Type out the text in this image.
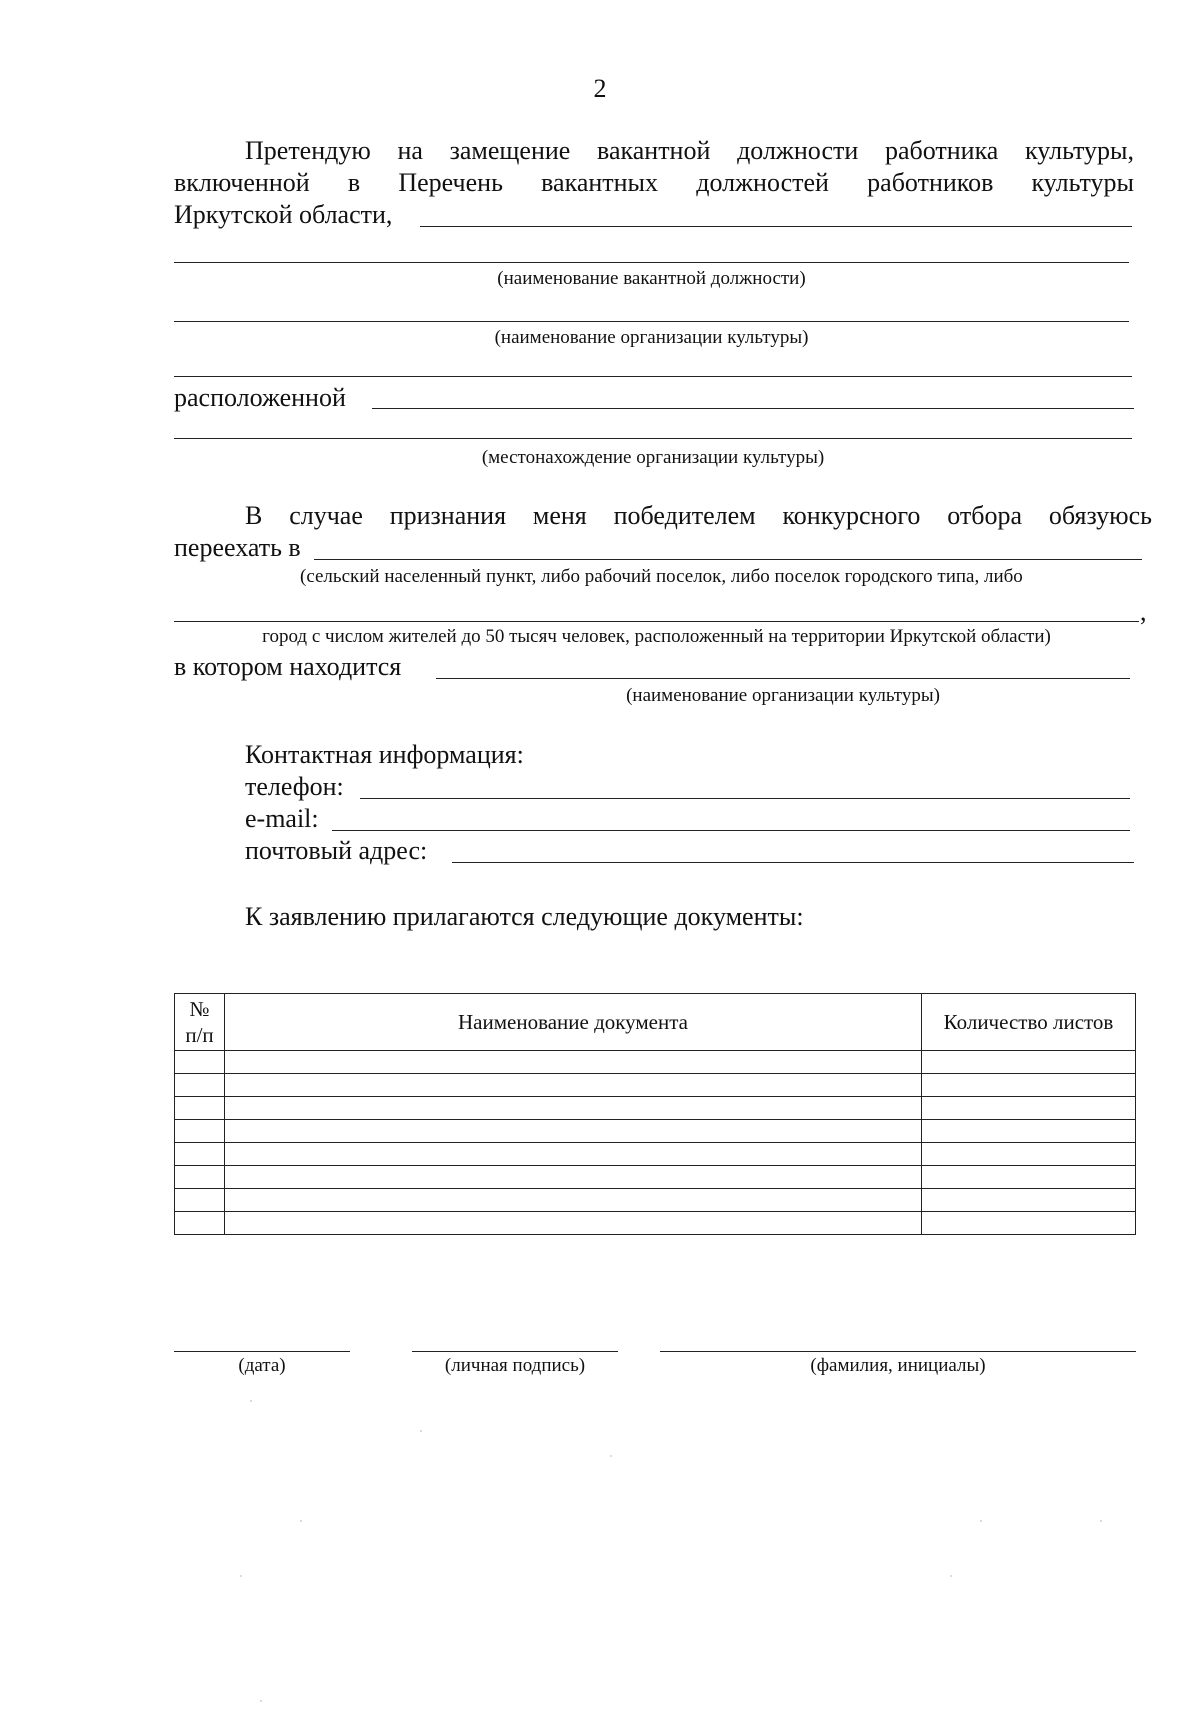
2
Претендую на замещение вакантной должности работника культуры,
включенной в Перечень вакантных должностей работников культуры
Иркутской области,
(наименование вакантной должности)
(наименование организации культуры)
расположенной
(местонахождение организации культуры)
В случае признания меня победителем конкурсного отбора обязуюсь
переехать в
(сельский населенный пункт, либо рабочий поселок, либо поселок городского типа, либо
,
город с числом жителей до 50 тысяч человек, расположенный на территории Иркутской области)
в котором находится
(наименование организации культуры)
Контактная информация:
телефон:
e-mail:
почтовый адрес:
К заявлению прилагаются следующие документы:
№
п/п	Наименование документа	Количество листов

(дата)	(личная подпись)	(фамилия, инициалы)
